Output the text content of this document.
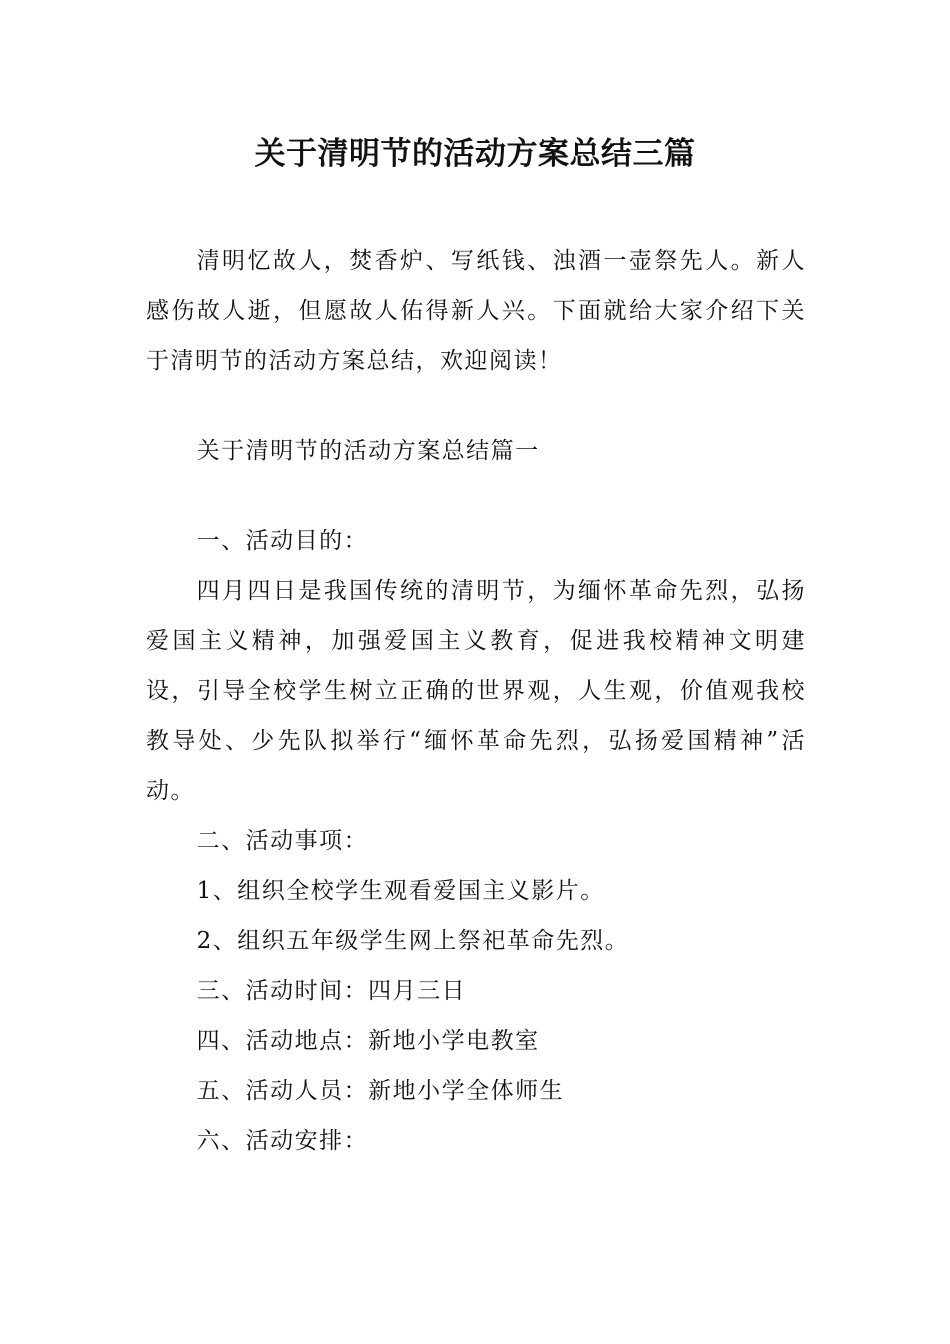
关于清明节的活动方案总结三篇

清明忆故人，焚香炉、写纸钱、浊酒一壶祭先人。新人感伤故人逝，但愿故人佑得新人兴。下面就给大家介绍下关于清明节的活动方案总结，欢迎阅读！

关于清明节的活动方案总结篇一

一、活动目的：

四月四日是我国传统的清明节，为缅怀革命先烈，弘扬爱国主义精神，加强爱国主义教育，促进我校精神文明建设，引导全校学生树立正确的世界观，人生观，价值观我校教导处、少先队拟举行“缅怀革命先烈，弘扬爱国精神”活动。

二、活动事项：

1、组织全校学生观看爱国主义影片。

2、组织五年级学生网上祭祀革命先烈。

三、活动时间：四月三日

四、活动地点：新地小学电教室

五、活动人员：新地小学全体师生

六、活动安排：
